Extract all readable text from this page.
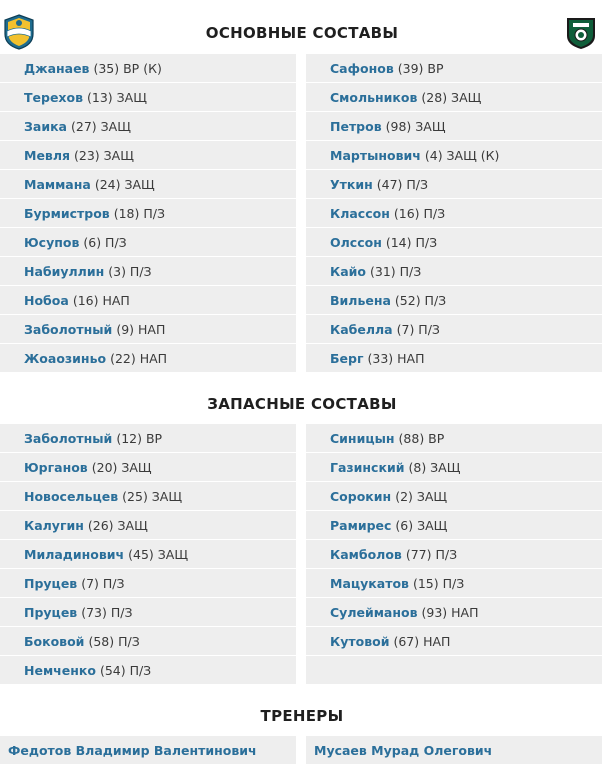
ОСНОВНЫЕ СОСТАВЫ
Джанаев (35) ВР (К)
Терехов (13) ЗАЩ
Заика (27) ЗАЩ
Мевля (23) ЗАЩ
Маммана (24) ЗАЩ
Бурмистров (18) П/З
Юсупов (6) П/З
Набиуллин (3) П/З
Нобоа (16) НАП
Заболотный (9) НАП
Жоаозиньо (22) НАП
Сафонов (39) ВР
Смольников (28) ЗАЩ
Петров (98) ЗАЩ
Мартынович (4) ЗАЩ (К)
Уткин (47) П/З
Классон (16) П/З
Олссон (14) П/З
Кайо (31) П/З
Вильена (52) П/З
Кабелла (7) П/З
Берг (33) НАП
ЗАПАСНЫЕ СОСТАВЫ
Заболотный (12) ВР
Юрганов (20) ЗАЩ
Новосельцев (25) ЗАЩ
Калугин (26) ЗАЩ
Миладинович (45) ЗАЩ
Пруцев (7) П/З
Пруцев (73) П/З
Боковой (58) П/З
Немченко (54) П/З
Синицын (88) ВР
Газинский (8) ЗАЩ
Сорокин (2) ЗАЩ
Рамирес (6) ЗАЩ
Камболов (77) П/З
Мацукатов (15) П/З
Сулейманов (93) НАП
Кутовой (67) НАП
ТРЕНЕРЫ
Федотов Владимир Валентинович	Мусаев Мурад Олегович
